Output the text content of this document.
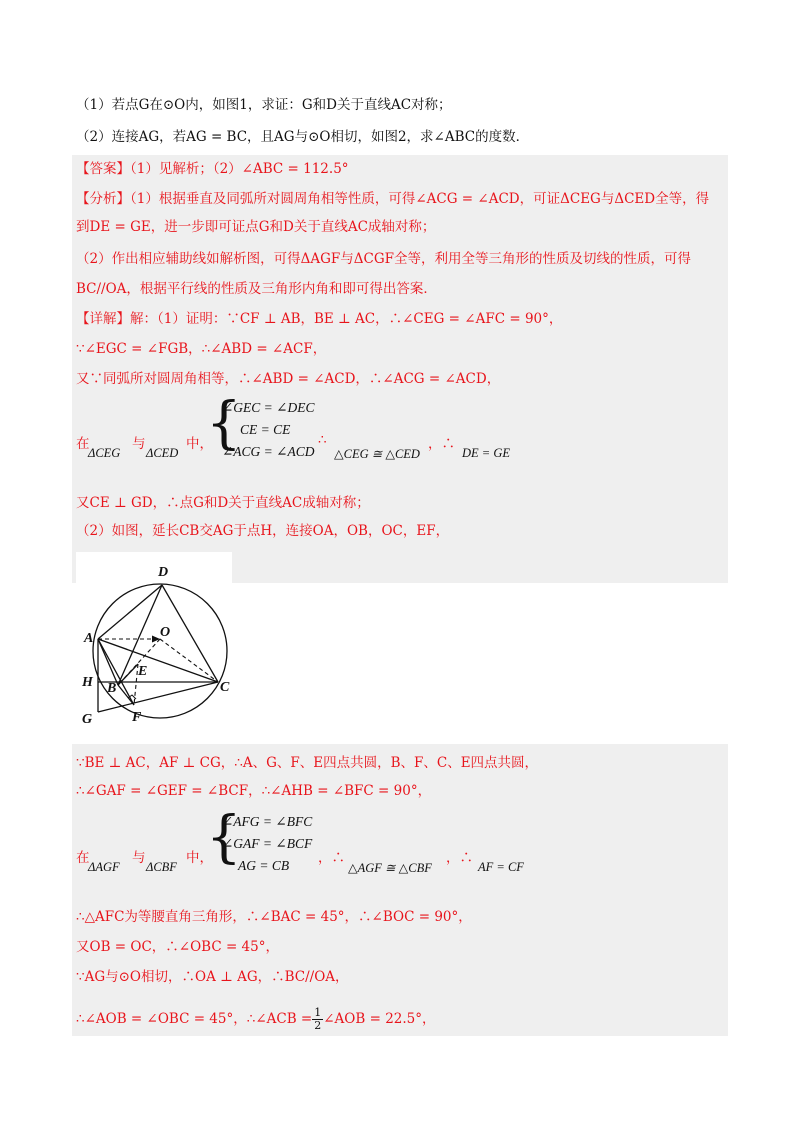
（1）若点G在⊙O内，如图1，求证：G和D关于直线AC对称；
（2）连接AG，若AG = BC，且AG与⊙O相切，如图2，求∠ABC的度数．
【答案】（1）见解析；（2）∠ABC = 112.5°
【分析】（1）根据垂直及同弧所对圆周角相等性质，可得∠ACG = ∠ACD，可证ΔCEG与ΔCED全等，得
到DE = GE，进一步即可证点G和D关于直线AC成轴对称；
（2）作出相应辅助线如解析图，可得ΔAGF与ΔCGF全等，利用全等三角形的性质及切线的性质，可得
BC//OA，根据平行线的性质及三角形内角和即可得出答案．
【详解】解：（1）证明：∵CF ⊥ AB，BE ⊥ AC，∴∠CEG = ∠AFC = 90°，
∵∠EGC = ∠FGB，∴∠ABD = ∠ACF，
又∵同弧所对圆周角相等，∴∠ABD = ∠ACD，∴∠ACG = ∠ACD，
在
ΔCEG
与
ΔCED
中，
{
∠GEC = ∠DEC
CE = CE
∠ACG = ∠ACD
∴
△CEG ≅ △CED
，∴
DE = GE
又CE ⊥ GD，∴点G和D关于直线AC成轴对称；
（2）如图，延长CB交AG于点H，连接OA，OB，OC，EF，
D
A	O
E
H B	C
G	F
∵BE ⊥ AC，AF ⊥ CG，∴A、G、F、E四点共圆，B、F、C、E四点共圆，
∴∠GAF = ∠GEF = ∠BCF，∴∠AHB = ∠BFC = 90°，
在
ΔAGF
与
ΔCBF
中，
{
∠AFG = ∠BFC
∠GAF = ∠BCF
AG = CB ，∴
△AGF ≅ △CBF
，∴
AF = CF
∴△AFC为等腰直角三角形，∴∠BAC = 45°，∴∠BOC = 90°，
又OB = OC，∴∠OBC = 45°，
∵AG与⊙O相切，∴OA ⊥ AG，∴BC//OA，
∴∠AOB = ∠OBC = 45°，∴∠ACB = $\frac{1}{2}$ ∠AOB = 22.5°，
